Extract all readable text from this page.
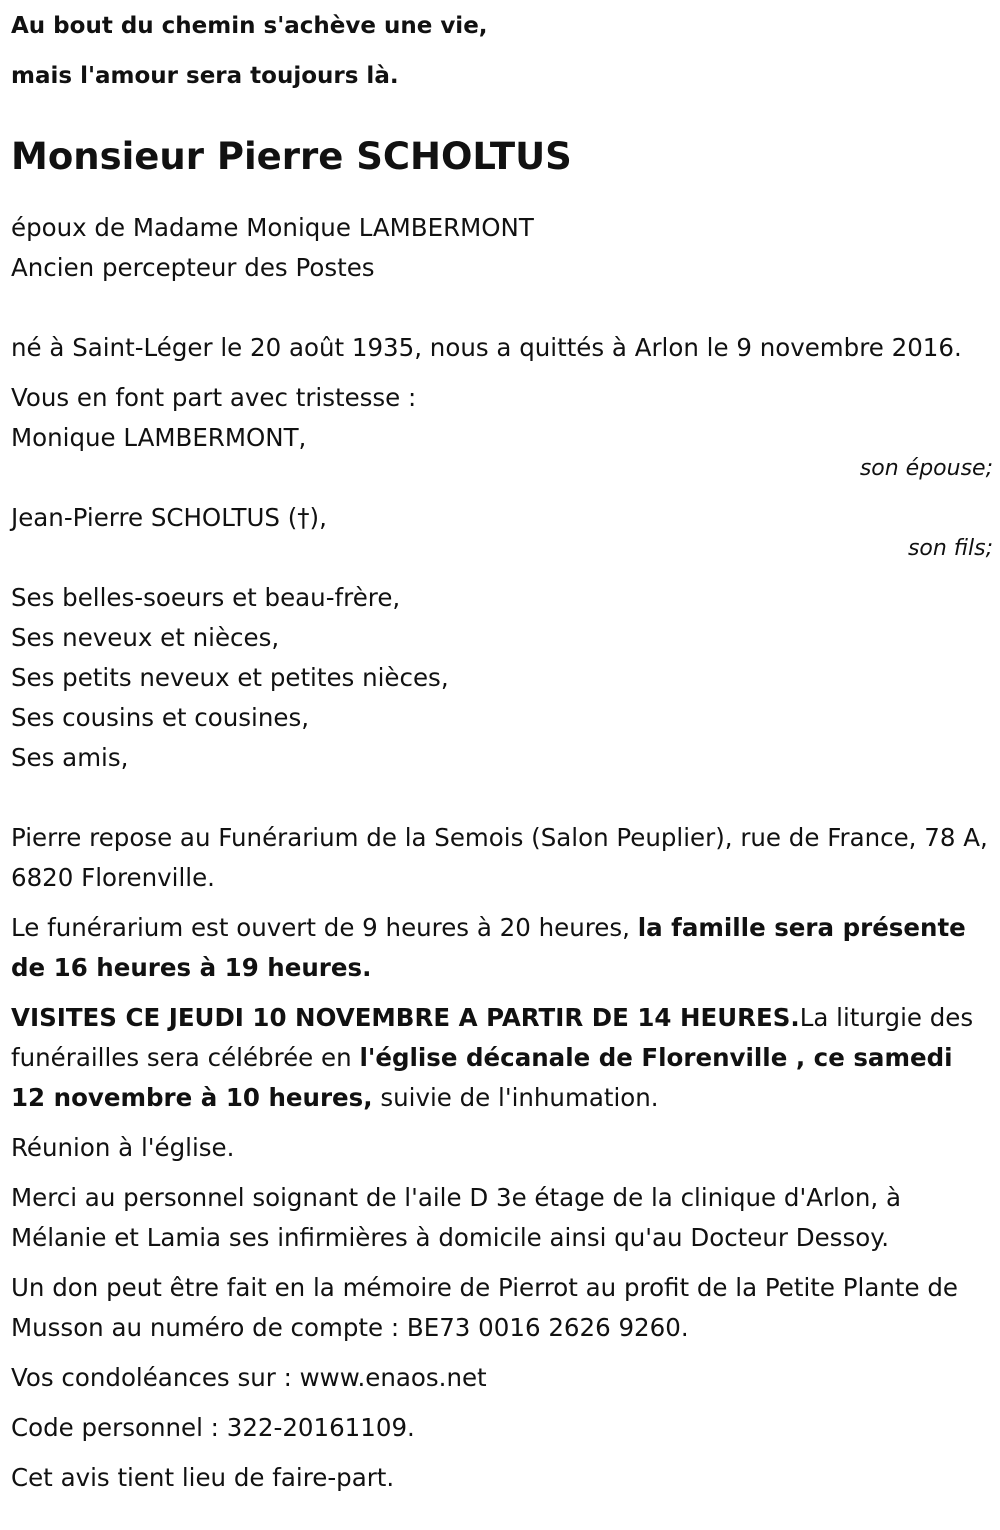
Au bout du chemin s'achève une vie,
mais l'amour sera toujours là.
Monsieur Pierre SCHOLTUS

époux de Madame Monique LAMBERMONT

Ancien percepteur des Postes

né à Saint-Léger le 20 août 1935, nous a quittés à Arlon le 9 novembre 2016.

Vous en font part avec tristesse :

Monique LAMBERMONT,

son épouse;

Jean-Pierre SCHOLTUS (†),

son fils;

Ses belles-soeurs et beau-frère,

Ses neveux et nièces,

Ses petits neveux et petites nièces,

Ses cousins et cousines,

Ses amis,

Pierre repose au Funérarium de la Semois (Salon Peuplier), rue de France, 78 A, 6820 Florenville.

Le funérarium est ouvert de 9 heures à 20 heures, la famille sera présente de 16 heures à 19 heures.

VISITES CE JEUDI 10 NOVEMBRE A PARTIR DE 14 HEURES.La liturgie des funérailles sera célébrée en l'église décanale de Florenville , ce samedi 12 novembre à 10 heures, suivie de l'inhumation.

Réunion à l'église.

Merci au personnel soignant de l'aile D 3e étage de la clinique d'Arlon, à Mélanie et Lamia ses infirmières à domicile ainsi qu'au Docteur Dessoy.

Un don peut être fait en la mémoire de Pierrot au profit de la Petite Plante de Musson au numéro de compte : BE73 0016 2626 9260.

Vos condoléances sur : www.enaos.net

Code personnel : 322-20161109.

Cet avis tient lieu de faire-part.
